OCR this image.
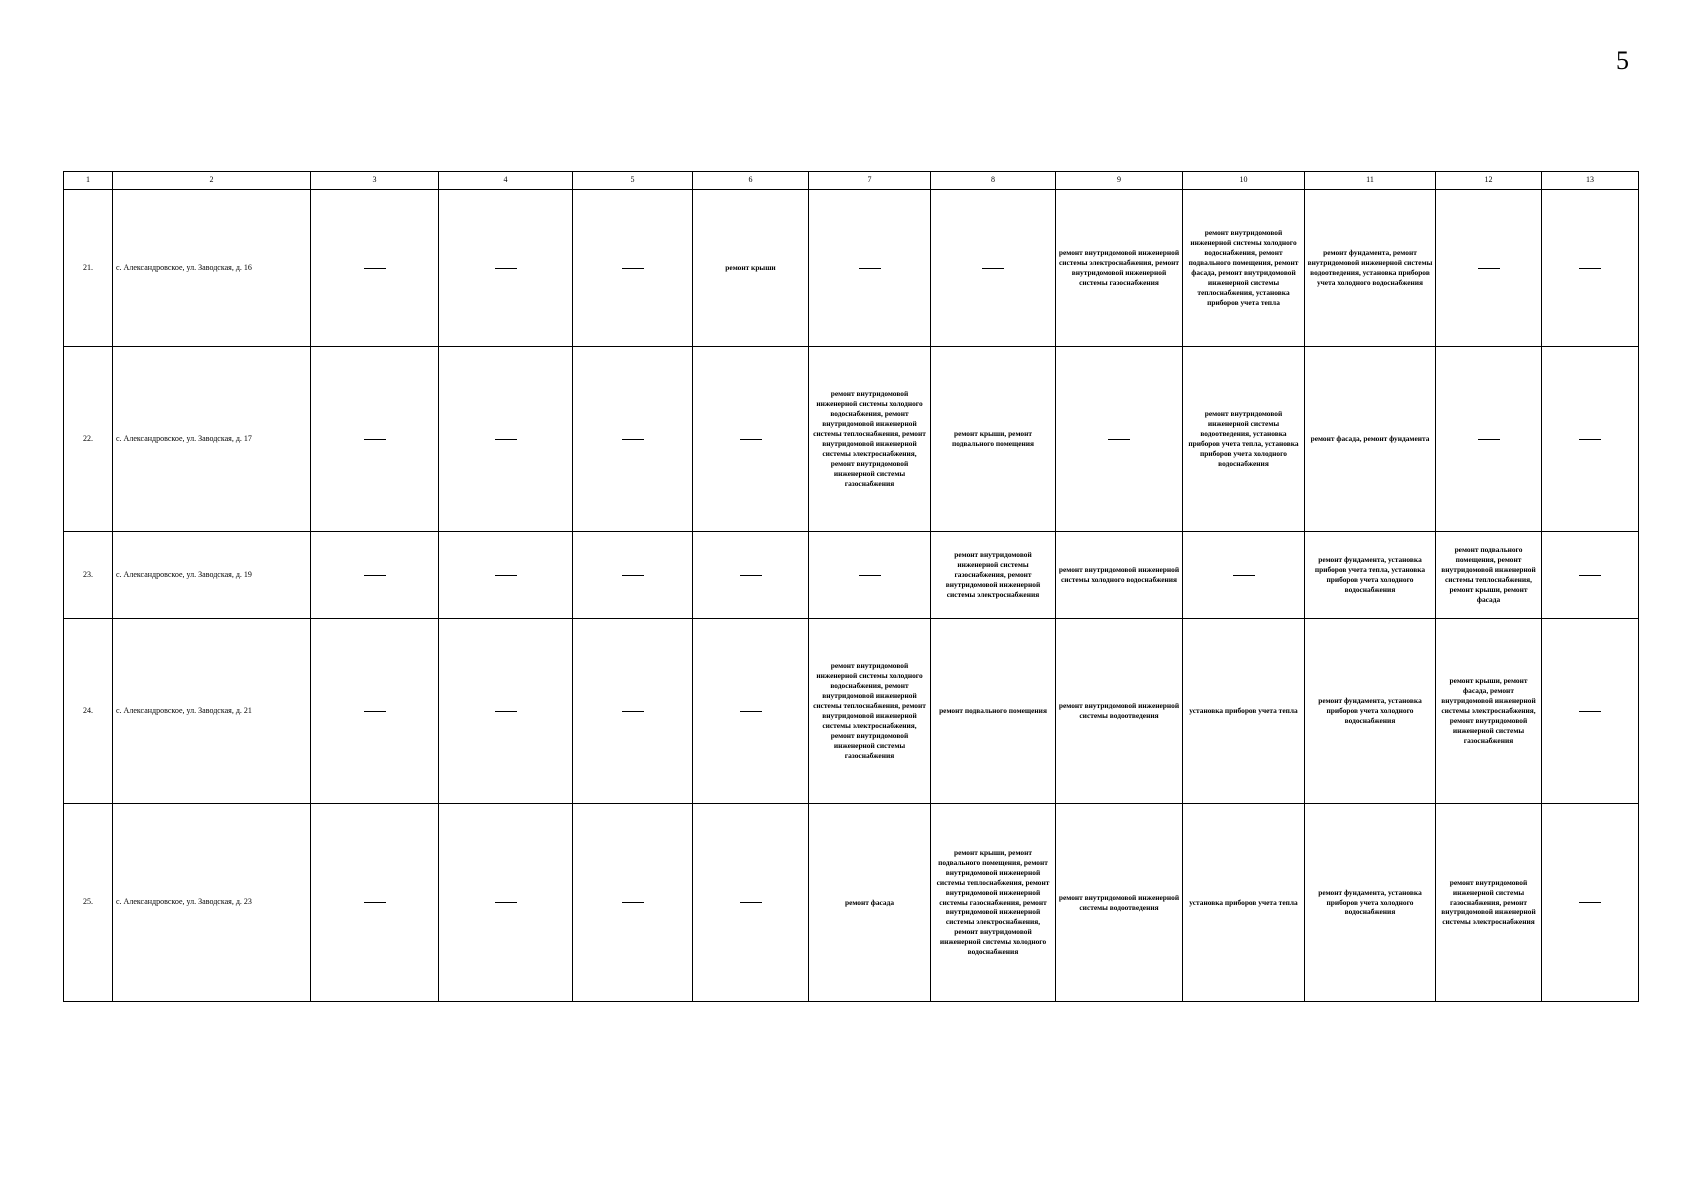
5
1	2	3	4	5	6	7	8	9	10	11	12	13
21.	с. Александровское, ул. Заводская, д. 16				ремонт крыши			ремонт внутридомовой инженерной системы электроснабжения, ремонт внутридомовой инженерной системы газоснабжения	ремонт внутридомовой инженерной системы холодного водоснабжения, ремонт подвального помещения, ремонт фасада, ремонт внутридомовой инженерной системы теплоснабжения, установка приборов учета тепла	ремонт фундамента, ремонт внутридомовой инженерной системы водоотведения, установка приборов учета холодного водоснабжения		
22.	с. Александровское, ул. Заводская, д. 17					ремонт внутридомовой инженерной системы холодного водоснабжения, ремонт внутридомовой инженерной системы теплоснабжения, ремонт внутридомовой инженерной системы электроснабжения, ремонт внутридомовой инженерной системы газоснабжения	ремонт крыши, ремонт подвального помещения		ремонт внутридомовой инженерной системы водоотведения, установка приборов учета тепла, установка приборов учета холодного водоснабжения	ремонт фасада, ремонт фундамента		
23.	с. Александровское, ул. Заводская, д. 19						ремонт внутридомовой инженерной системы газоснабжения, ремонт внутридомовой инженерной системы электроснабжения	ремонт внутридомовой инженерной системы холодного водоснабжения		ремонт фундамента, установка приборов учета тепла, установка приборов учета холодного водоснабжения	ремонт подвального помещения, ремонт внутридомовой инженерной системы теплоснабжения, ремонт крыши, ремонт фасада	
24.	с. Александровское, ул. Заводская, д. 21					ремонт внутридомовой инженерной системы холодного водоснабжения, ремонт внутридомовой инженерной системы теплоснабжения, ремонт внутридомовой инженерной системы электроснабжения, ремонт внутридомовой инженерной системы газоснабжения	ремонт подвального помещения	ремонт внутридомовой инженерной системы водоотведения	установка приборов учета тепла	ремонт фундамента, установка приборов учета холодного водоснабжения	ремонт крыши, ремонт фасада, ремонт внутридомовой инженерной системы электроснабжения, ремонт внутридомовой инженерной системы газоснабжения	
25.	с. Александровское, ул. Заводская, д. 23					ремонт фасада	ремонт крыши, ремонт подвального помещения, ремонт внутридомовой инженерной системы теплоснабжения, ремонт внутридомовой инженерной системы газоснабжения, ремонт внутридомовой инженерной системы электроснабжения, ремонт внутридомовой инженерной системы холодного водоснабжения	ремонт внутридомовой инженерной системы водоотведения	установка приборов учета тепла	ремонт фундамента, установка приборов учета холодного водоснабжения	ремонт внутридомовой инженерной системы газоснабжения, ремонт внутридомовой инженерной системы электроснабжения	
